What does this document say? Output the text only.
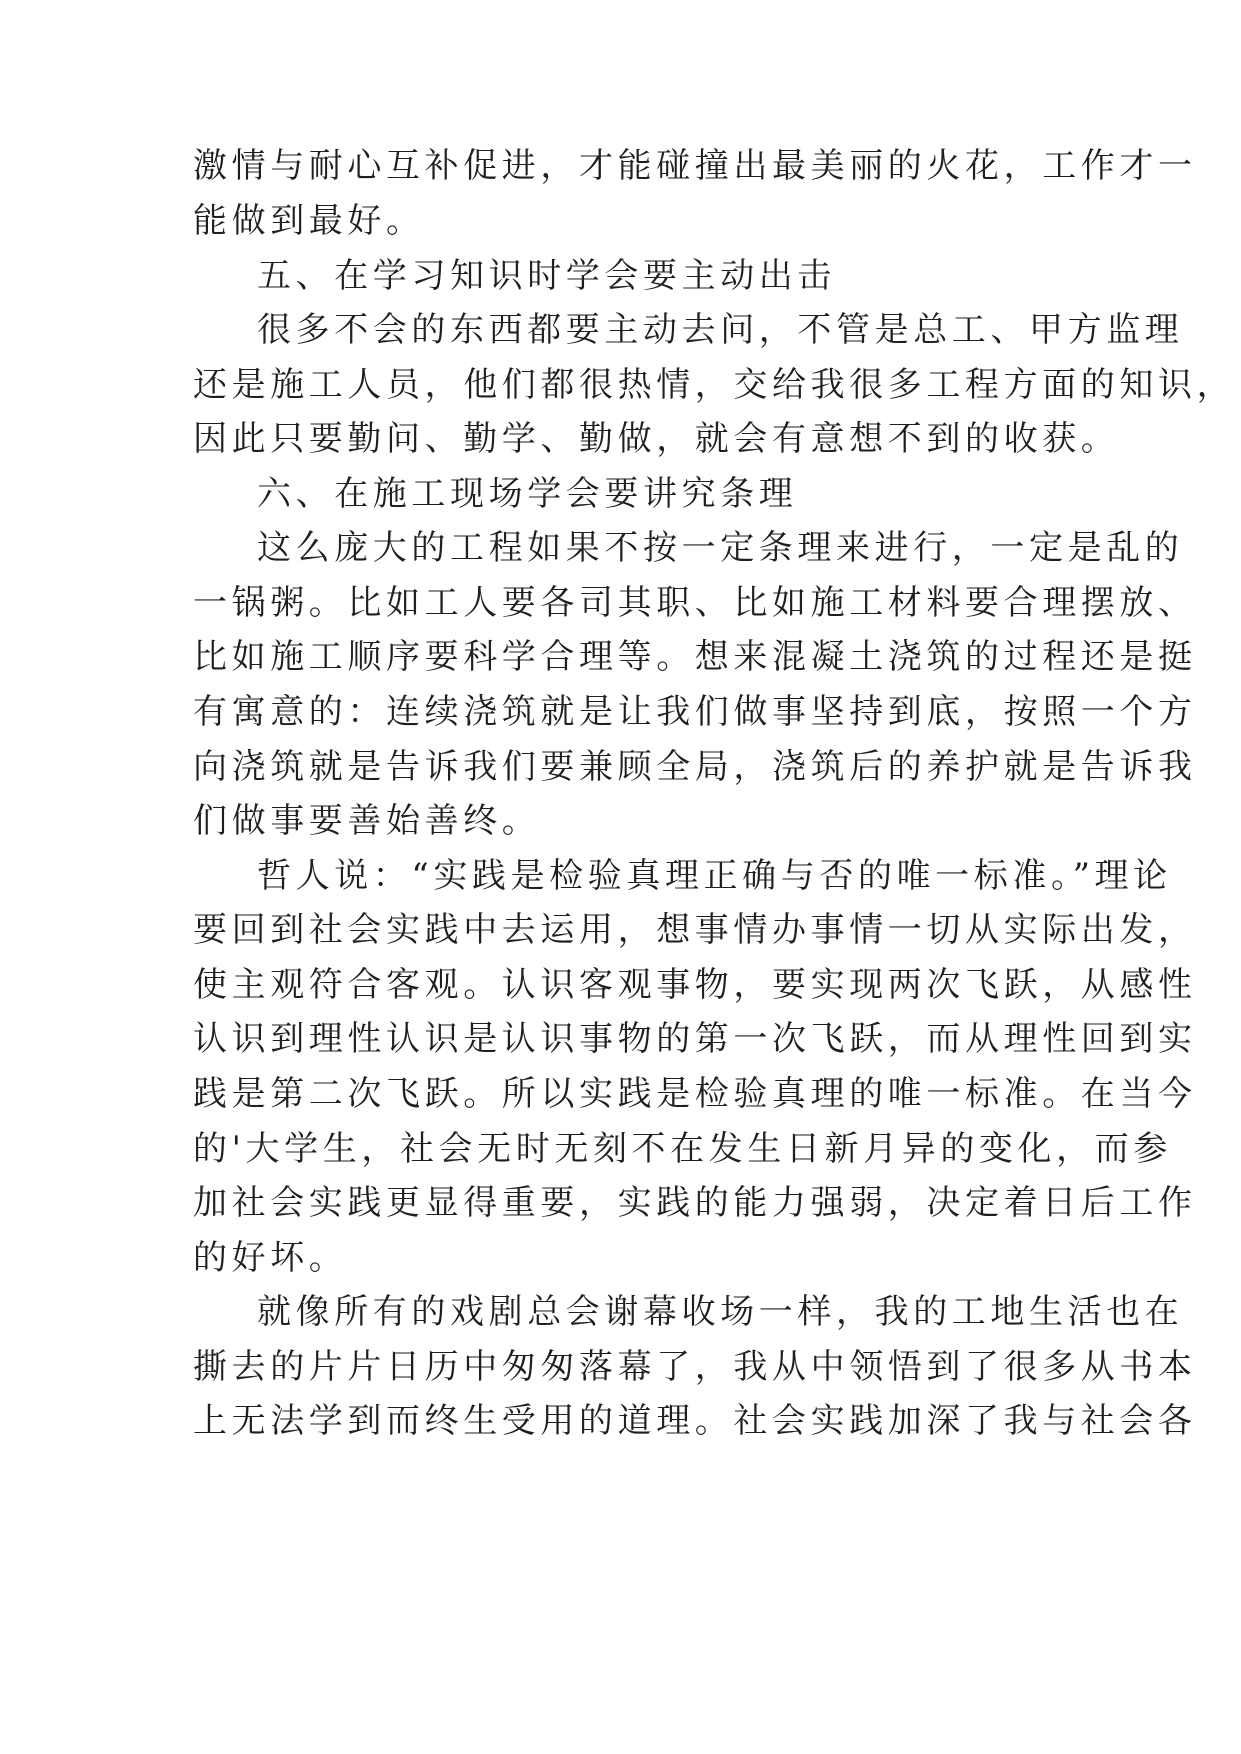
激情与耐心互补促进，才能碰撞出最美丽的火花，工作才一
能做到最好。
五、在学习知识时学会要主动出击
很多不会的东西都要主动去问，不管是总工、甲方监理
还是施工人员，他们都很热情，交给我很多工程方面的知识，
因此只要勤问、勤学、勤做，就会有意想不到的收获。
六、在施工现场学会要讲究条理
这么庞大的工程如果不按一定条理来进行，一定是乱的
一锅粥。比如工人要各司其职、比如施工材料要合理摆放、
比如施工顺序要科学合理等。想来混凝土浇筑的过程还是挺
有寓意的：连续浇筑就是让我们做事坚持到底，按照一个方
向浇筑就是告诉我们要兼顾全局，浇筑后的养护就是告诉我
们做事要善始善终。
哲人说：“实践是检验真理正确与否的唯一标准。”理论
要回到社会实践中去运用，想事情办事情一切从实际出发，
使主观符合客观。认识客观事物，要实现两次飞跃，从感性
认识到理性认识是认识事物的第一次飞跃，而从理性回到实
践是第二次飞跃。所以实践是检验真理的唯一标准。在当今
的'大学生，社会无时无刻不在发生日新月异的变化，而参
加社会实践更显得重要，实践的能力强弱，决定着日后工作
的好坏。
就像所有的戏剧总会谢幕收场一样，我的工地生活也在
撕去的片片日历中匆匆落幕了，我从中领悟到了很多从书本
上无法学到而终生受用的道理。社会实践加深了我与社会各
